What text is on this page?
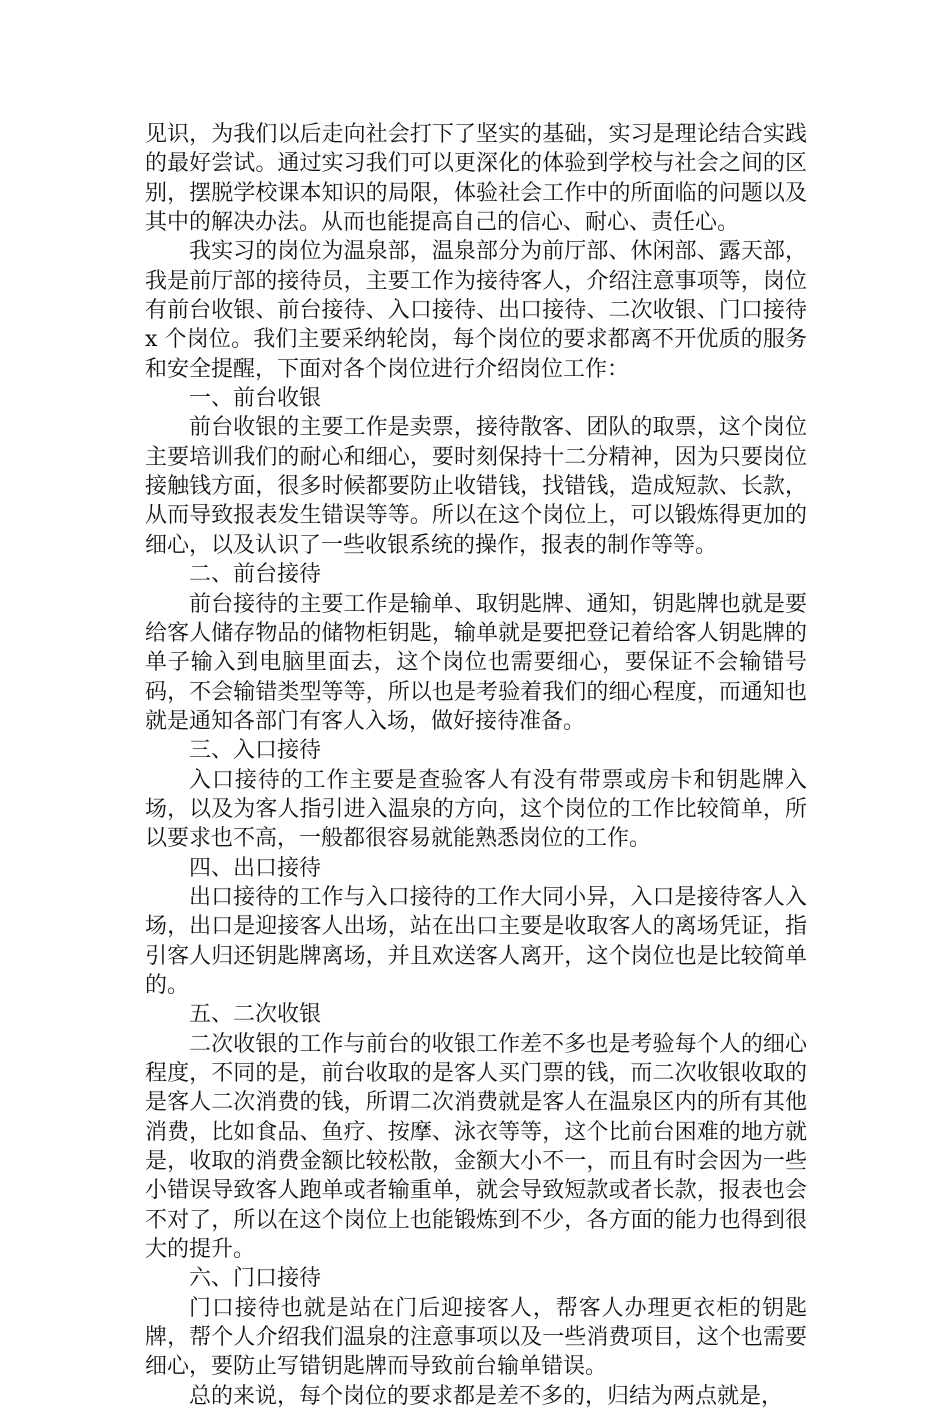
见识，为我们以后走向社会打下了坚实的基础，实习是理论结合实践的最好尝试。通过实习我们可以更深化的体验到学校与社会之间的区别，摆脱学校课本知识的局限，体验社会工作中的所面临的问题以及其中的解决办法。从而也能提高自己的信心、耐心、责任心。

我实习的岗位为温泉部，温泉部分为前厅部、休闲部、露天部，我是前厅部的接待员，主要工作为接待客人，介绍注意事项等，岗位有前台收银、前台接待、入口接待、出口接待、二次收银、门口接待 x 个岗位。我们主要采纳轮岗，每个岗位的要求都离不开优质的服务和安全提醒，下面对各个岗位进行介绍岗位工作：

一、前台收银

前台收银的主要工作是卖票，接待散客、团队的取票，这个岗位主要培训我们的耐心和细心，要时刻保持十二分精神，因为只要岗位接触钱方面，很多时候都要防止收错钱，找错钱，造成短款、长款，从而导致报表发生错误等等。所以在这个岗位上，可以锻炼得更加的细心，以及认识了一些收银系统的操作，报表的制作等等。

二、前台接待

前台接待的主要工作是输单、取钥匙牌、通知，钥匙牌也就是要给客人储存物品的储物柜钥匙，输单就是要把登记着给客人钥匙牌的单子输入到电脑里面去，这个岗位也需要细心，要保证不会输错号码，不会输错类型等等，所以也是考验着我们的细心程度，而通知也就是通知各部门有客人入场，做好接待准备。

三、入口接待

入口接待的工作主要是查验客人有没有带票或房卡和钥匙牌入场，以及为客人指引进入温泉的方向，这个岗位的工作比较简单，所以要求也不高，一般都很容易就能熟悉岗位的工作。

四、出口接待

出口接待的工作与入口接待的工作大同小异，入口是接待客人入场，出口是迎接客人出场，站在出口主要是收取客人的离场凭证，指引客人归还钥匙牌离场，并且欢送客人离开，这个岗位也是比较简单的。

五、二次收银

二次收银的工作与前台的收银工作差不多也是考验每个人的细心程度，不同的是，前台收取的是客人买门票的钱，而二次收银收取的是客人二次消费的钱，所谓二次消费就是客人在温泉区内的所有其他消费，比如食品、鱼疗、按摩、泳衣等等，这个比前台困难的地方就是，收取的消费金额比较松散，金额大小不一，而且有时会因为一些小错误导致客人跑单或者输重单，就会导致短款或者长款，报表也会不对了，所以在这个岗位上也能锻炼到不少，各方面的能力也得到很大的提升。

六、门口接待

门口接待也就是站在门后迎接客人，帮客人办理更衣柜的钥匙牌，帮个人介绍我们温泉的注意事项以及一些消费项目，这个也需要细心，要防止写错钥匙牌而导致前台输单错误。

总的来说，每个岗位的要求都是差不多的，归结为两点就是，
